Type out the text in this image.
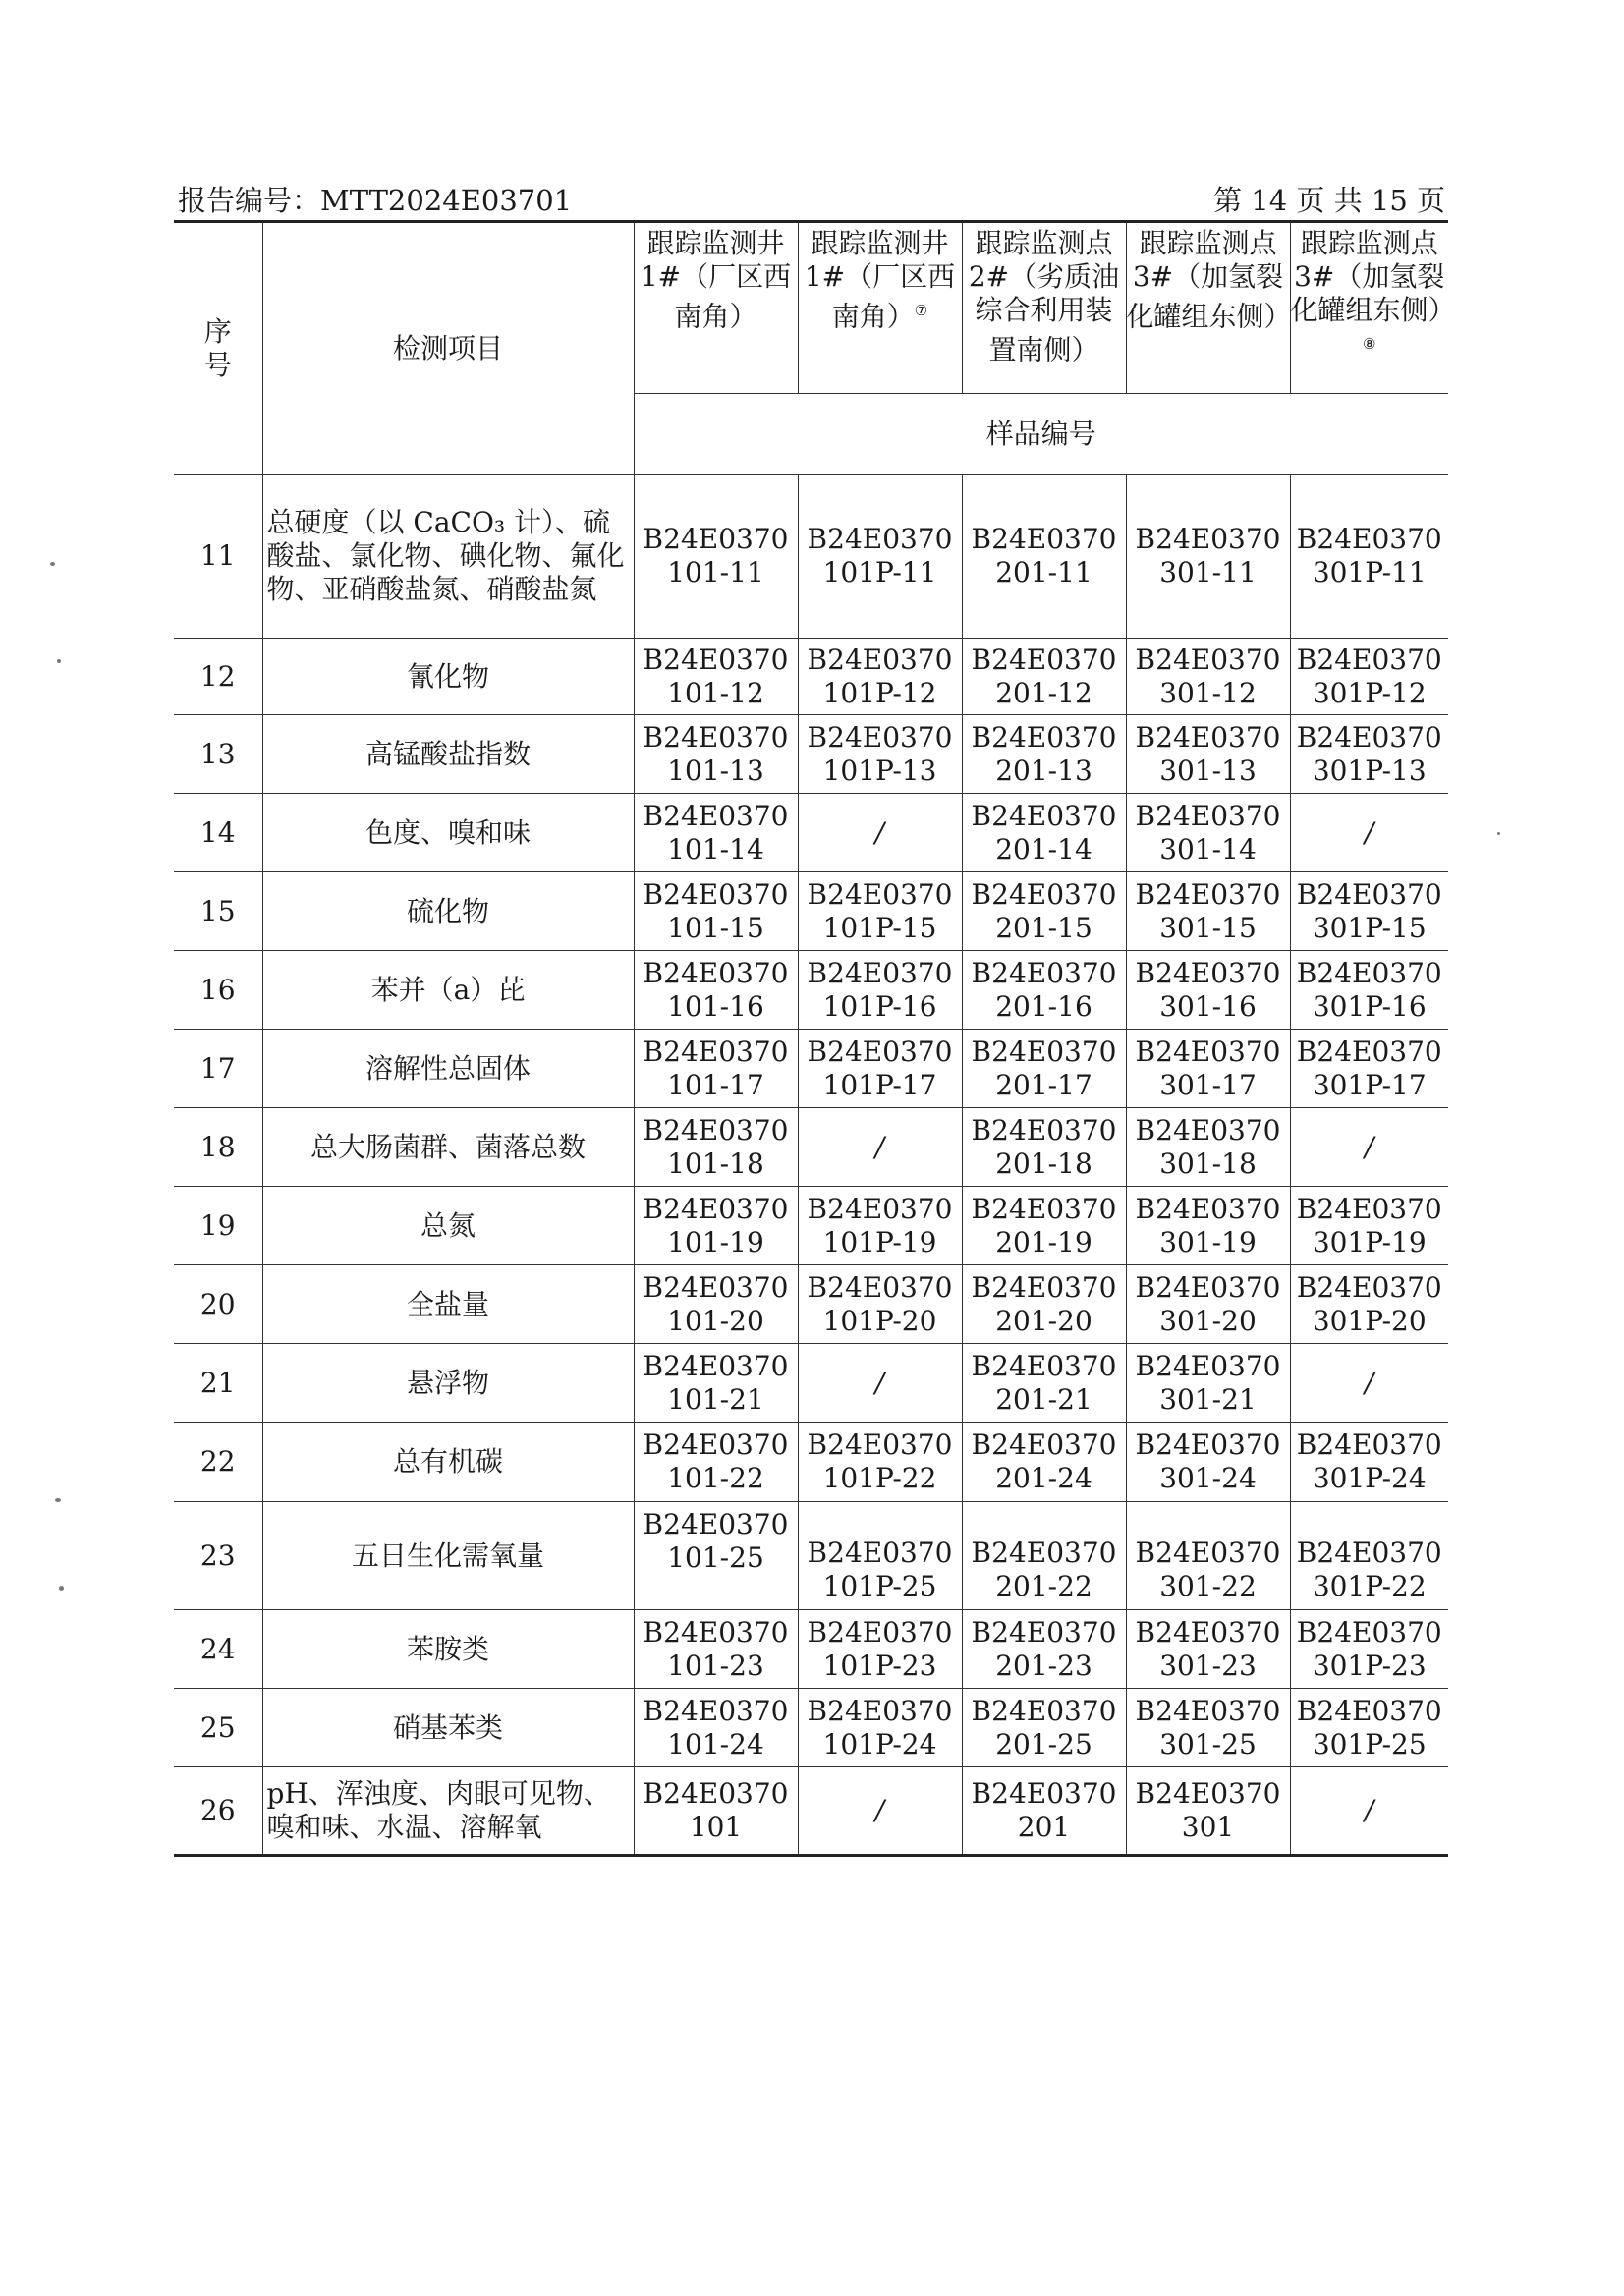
报告编号：MTT2024E03701	第 14 页 共 15 页
序号	检测项目	跟踪监测井1#（厂区西南角）	跟踪监测井1#（厂区西南角）⑦	跟踪监测点2#（劣质油综合利用装置南侧）	跟踪监测点3#（加氢裂化罐组东侧）	跟踪监测点3#（加氢裂化罐组东侧）⑧
		样品编号				
11	总硬度（以 CaCO₃ 计）、硫酸盐、氯化物、碘化物、氟化物、亚硝酸盐氮、硝酸盐氮	B24E0370101-11	B24E0370101P-11	B24E0370201-11	B24E0370301-11	B24E0370301P-11
12	氰化物	B24E0370101-12	B24E0370101P-12	B24E0370201-12	B24E0370301-12	B24E0370301P-12
13	高锰酸盐指数	B24E0370101-13	B24E0370101P-13	B24E0370201-13	B24E0370301-13	B24E0370301P-13
14	色度、嗅和味	B24E0370101-14	/	B24E0370201-14	B24E0370301-14	/
15	硫化物	B24E0370101-15	B24E0370101P-15	B24E0370201-15	B24E0370301-15	B24E0370301P-15
16	苯并（a）芘	B24E0370101-16	B24E0370101P-16	B24E0370201-16	B24E0370301-16	B24E0370301P-16
17	溶解性总固体	B24E0370101-17	B24E0370101P-17	B24E0370201-17	B24E0370301-17	B24E0370301P-17
18	总大肠菌群、菌落总数	B24E0370101-18	/	B24E0370201-18	B24E0370301-18	/
19	总氮	B24E0370101-19	B24E0370101P-19	B24E0370201-19	B24E0370301-19	B24E0370301P-19
20	全盐量	B24E0370101-20	B24E0370101P-20	B24E0370201-20	B24E0370301-20	B24E0370301P-20
21	悬浮物	B24E0370101-21	/	B24E0370201-21	B24E0370301-21	/
22	总有机碳	B24E0370101-22	B24E0370101P-22	B24E0370201-24	B24E0370301-24	B24E0370301P-24
23	五日生化需氧量	B24E0370101-25	B24E0370101P-25	B24E0370201-22	B24E0370301-22	B24E0370301P-22
24	苯胺类	B24E0370101-23	B24E0370101P-23	B24E0370201-23	B24E0370301-23	B24E0370301P-23
25	硝基苯类	B24E0370101-24	B24E0370101P-24	B24E0370201-25	B24E0370301-25	B24E0370301P-25
26	pH、浑浊度、肉眼可见物、嗅和味、水温、溶解氧	B24E0370101	/	B24E0370201	B24E0370301	/
